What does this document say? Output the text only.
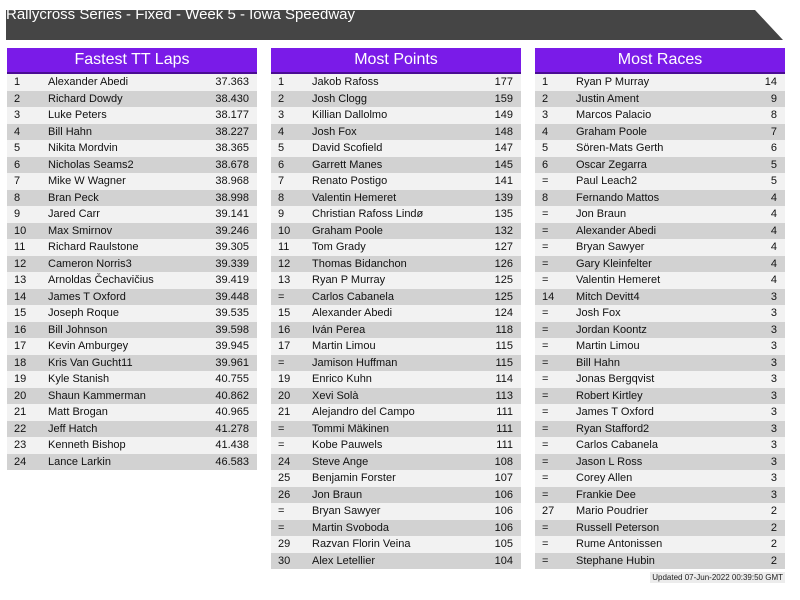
Rallycross Series - Fixed - Week 5 - Iowa Speedway
Fastest TT Laps
1	Alexander Abedi	37.363
2	Richard Dowdy	38.430
3	Luke Peters	38.177
4	Bill Hahn	38.227
5	Nikita Mordvin	38.365
6	Nicholas Seams2	38.678
7	Mike W Wagner	38.968
8	Bran Peck	38.998
9	Jared Carr	39.141
10 Max Smirnov	39.246
11 Richard Raulstone	39.305
12 Cameron Norris3	39.339
13 Arnoldas Čechavičius	39.419
14 James T Oxford	39.448
15 Joseph Roque	39.535
16 Bill Johnson	39.598
17 Kevin Amburgey	39.945
18 Kris Van Gucht11	39.961
19 Kyle Stanish	40.755
20 Shaun Kammerman	40.862
21 Matt Brogan	40.965
22 Jeff Hatch	41.278
23 Kenneth Bishop	41.438
24 Lance Larkin	46.583
Most Points
1	Jakob Rafoss	177
2	Josh Clogg	159
3	Killian Dallolmo	149
4	Josh Fox	148
5	David Scofield	147
6	Garrett Manes	145
7	Renato Postigo	141
8	Valentin Hemeret	139
9	Christian Rafoss Lindø	135
10 Graham Poole	132
11 Tom Grady	127
12 Thomas Bidanchon	126
13 Ryan P Murray	125
=	Carlos Cabanela	125
15 Alexander Abedi	124
16 Iván Perea	118
17 Martin Limou	115
=	Jamison Huffman	115
19 Enrico Kuhn	114
20 Xevi Solà	113
21 Alejandro del Campo	111
=	Tommi Mäkinen	111
=	Kobe Pauwels	111
24 Steve Ange	108
25 Benjamin Forster	107
26 Jon Braun	106
=	Bryan Sawyer	106
=	Martin Svoboda	106
29 Razvan Florin Veina	105
30 Alex Letellier	104
Most Races
1	Ryan P Murray	14
2	Justin Ament	9
3	Marcos Palacio	8
4	Graham Poole	7
5	Sören-Mats Gerth	6
6	Oscar Zegarra	5
=	Paul Leach2	5
8	Fernando Mattos	4
=	Jon Braun	4
=	Alexander Abedi	4
=	Bryan Sawyer	4
=	Gary Kleinfelter	4
=	Valentin Hemeret	4
14 Mitch Devitt4	3
=	Josh Fox	3
=	Jordan Koontz	3
=	Martin Limou	3
=	Bill Hahn	3
=	Jonas Bergqvist	3
=	Robert Kirtley	3
=	James T Oxford	3
=	Ryan Stafford2	3
=	Carlos Cabanela	3
=	Jason L Ross	3
=	Corey Allen	3
=	Frankie Dee	3
27 Mario Poudrier	2
=	Russell Peterson	2
=	Rume Antonissen	2
=	Stephane Hubin	2
Updated 07-Jun-2022 00:39:50 GMT
